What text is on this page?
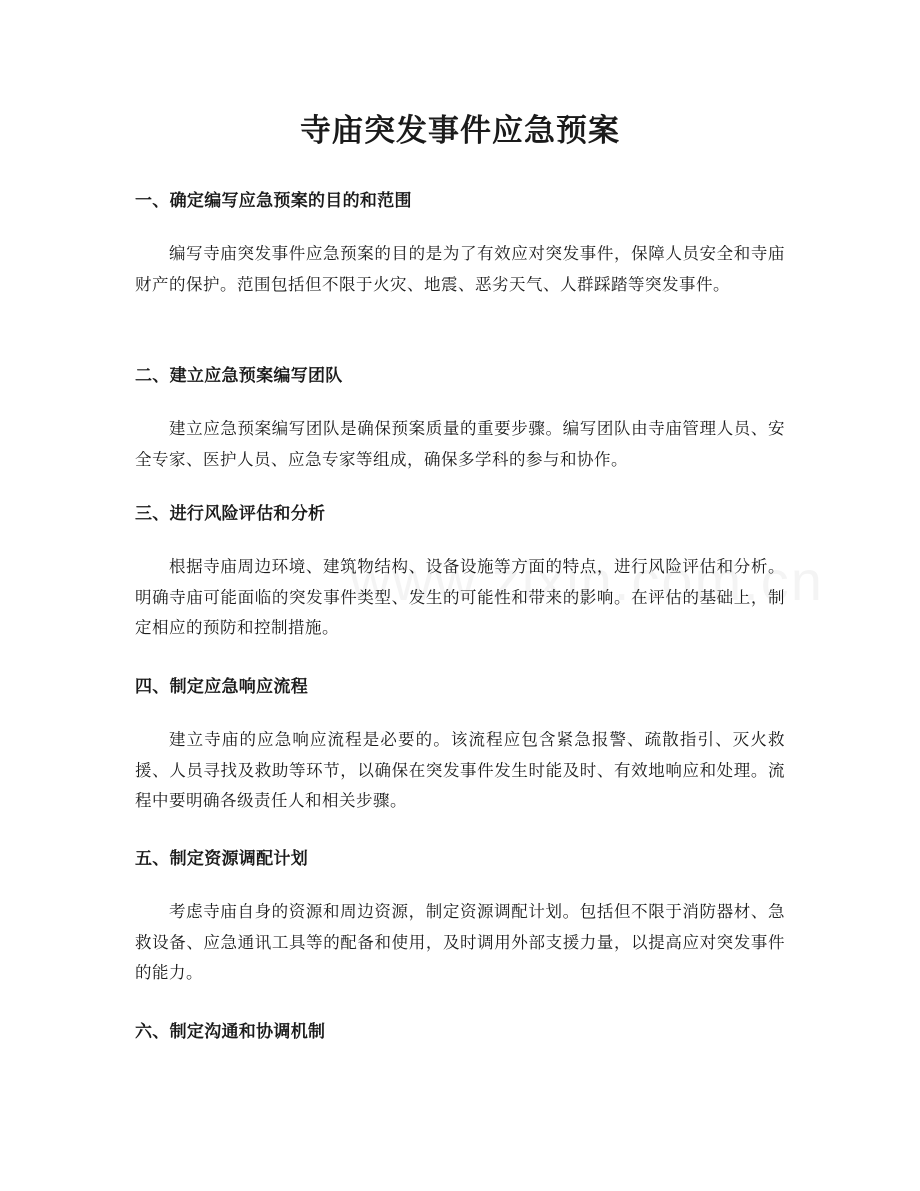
寺庙突发事件应急预案
一、确定编写应急预案的目的和范围

编写寺庙突发事件应急预案的目的是为了有效应对突发事件，保障人员安全和寺庙财产的保护。范围包括但不限于火灾、地震、恶劣天气、人群踩踏等突发事件。

二、建立应急预案编写团队

建立应急预案编写团队是确保预案质量的重要步骤。编写团队由寺庙管理人员、安全专家、医护人员、应急专家等组成，确保多学科的参与和协作。

三、进行风险评估和分析

根据寺庙周边环境、建筑物结构、设备设施等方面的特点，进行风险评估和分析。明确寺庙可能面临的突发事件类型、发生的可能性和带来的影响。在评估的基础上，制定相应的预防和控制措施。

四、制定应急响应流程

建立寺庙的应急响应流程是必要的。该流程应包含紧急报警、疏散指引、灭火救援、人员寻找及救助等环节，以确保在突发事件发生时能及时、有效地响应和处理。流程中要明确各级责任人和相关步骤。

五、制定资源调配计划

考虑寺庙自身的资源和周边资源，制定资源调配计划。包括但不限于消防器材、急救设备、应急通讯工具等的配备和使用，及时调用外部支援力量，以提高应对突发事件的能力。

六、制定沟通和协调机制
